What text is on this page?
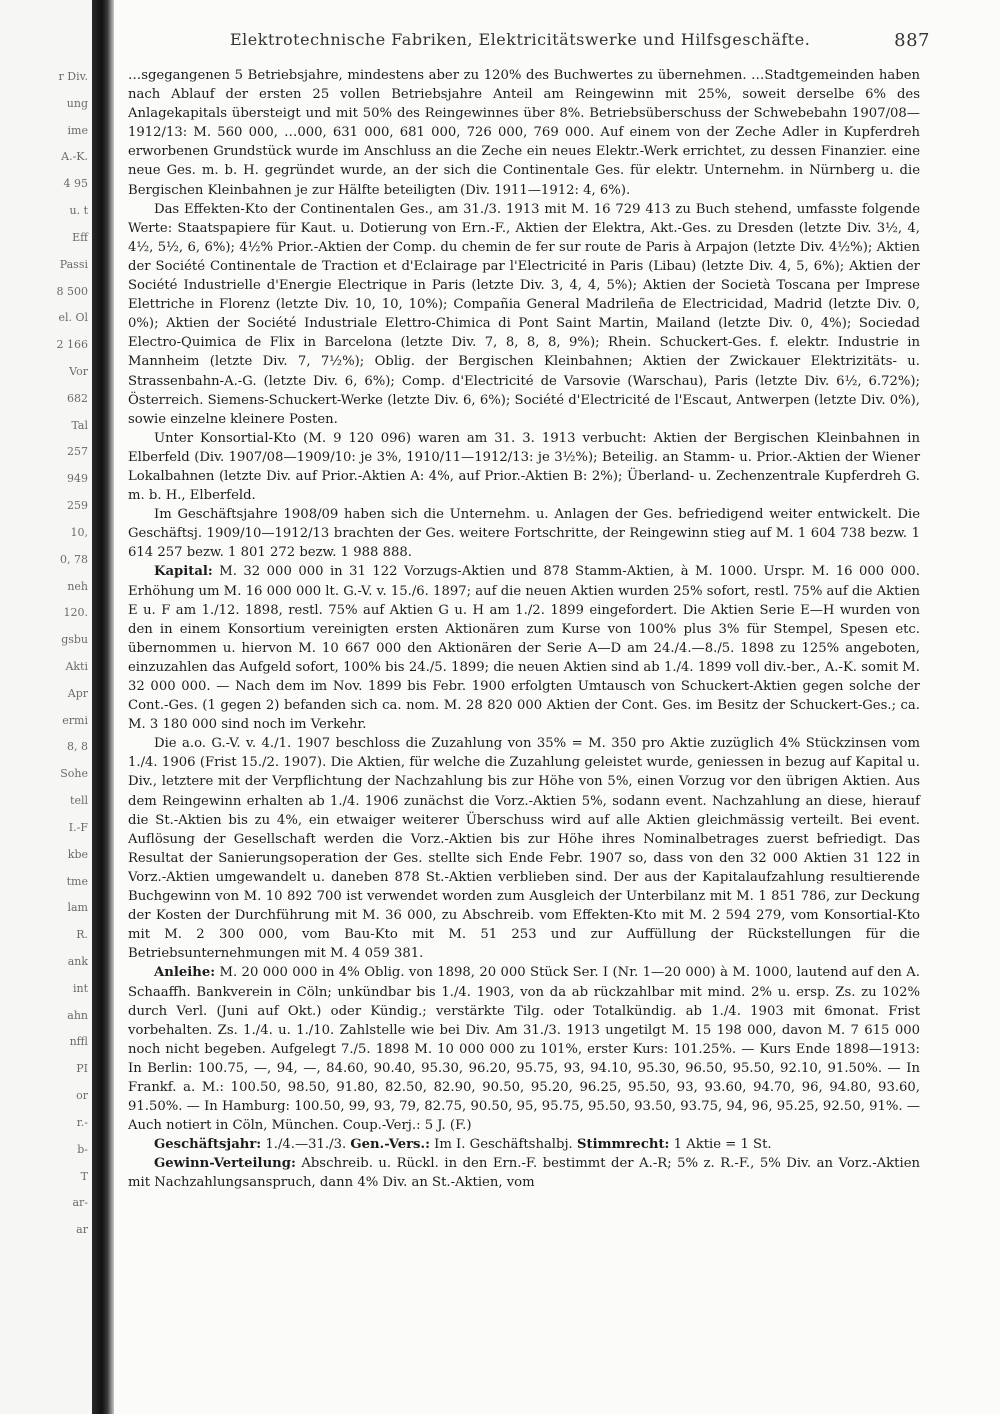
r Div.
ung
ime
A.-K.
4 95
u. t
Eff
Passi
8 500
el. Ol
2 166
Vor
682
Tal
257
949
259
10,
0, 78
neh
120.
gsbu
Akti
Apr
ermi
8, 8
Sohe
tell
I.-F
kbe
tme
lam
R.
ank
int
ahn
nffl
PI
or
r.-
b-
T
ar-
ar
Elektrotechnische Fabriken, Elektricitätswerke und Hilfsgeschäfte.	887

…sgegangenen 5 Betriebsjahre, mindestens aber zu 120% des Buchwertes zu übernehmen. …Stadtgemeinden haben nach Ablauf der ersten 25 vollen Betriebsjahre Anteil am Reingewinn mit 25%, soweit derselbe 6% des Anlagekapitals übersteigt und mit 50% des Reingewinnes über 8%. Betriebsüberschuss der Schwebebahn 1907/08—1912/13: M. 560 000, …000, 631 000, 681 000, 726 000, 769 000. Auf einem von der Zeche Adler in Kupferdreh erworbenen Grundstück wurde im Anschluss an die Zeche ein neues Elektr.-Werk errichtet, zu dessen Finanzier. eine neue Ges. m. b. H. gegründet wurde, an der sich die Continentale Ges. für elektr. Unternehm. in Nürnberg u. die Bergischen Kleinbahnen je zur Hälfte beteiligten (Div. 1911—1912: 4, 6%).

Das Effekten-Kto der Continentalen Ges., am 31./3. 1913 mit M. 16 729 413 zu Buch stehend, umfasste folgende Werte: Staatspapiere für Kaut. u. Dotierung von Ern.-F., Aktien der Elektra, Akt.-Ges. zu Dresden (letzte Div. 3½, 4, 4½, 5½, 6, 6%); 4½% Prior.-Aktien der Comp. du chemin de fer sur route de Paris à Arpajon (letzte Div. 4½%); Aktien der Société Continentale de Traction et d'Eclairage par l'Electricité in Paris (Libau) (letzte Div. 4, 5, 6%); Aktien der Société Industrielle d'Energie Electrique in Paris (letzte Div. 3, 4, 4, 5%); Aktien der Società Toscana per Imprese Elettriche in Florenz (letzte Div. 10, 10, 10%); Compañia General Madrileña de Electricidad, Madrid (letzte Div. 0, 0%); Aktien der Société Industriale Elettro-Chimica di Pont Saint Martin, Mailand (letzte Div. 0, 4%); Sociedad Electro-Quimica de Flix in Barcelona (letzte Div. 7, 8, 8, 8, 9%); Rhein. Schuckert-Ges. f. elektr. Industrie in Mannheim (letzte Div. 7, 7½%); Oblig. der Bergischen Kleinbahnen; Aktien der Zwickauer Elektrizitäts- u. Strassenbahn-A.-G. (letzte Div. 6, 6%); Comp. d'Electricité de Varsovie (Warschau), Paris (letzte Div. 6½, 6.72%); Österreich. Siemens-Schuckert-Werke (letzte Div. 6, 6%); Société d'Electricité de l'Escaut, Antwerpen (letzte Div. 0%), sowie einzelne kleinere Posten.

Unter Konsortial-Kto (M. 9 120 096) waren am 31. 3. 1913 verbucht: Aktien der Bergischen Kleinbahnen in Elberfeld (Div. 1907/08—1909/10: je 3%, 1910/11—1912/13: je 3½%); Beteilig. an Stamm- u. Prior.-Aktien der Wiener Lokalbahnen (letzte Div. auf Prior.-Aktien A: 4%, auf Prior.-Aktien B: 2%); Überland- u. Zechenzentrale Kupferdreh G. m. b. H., Elberfeld.

Im Geschäftsjahre 1908/09 haben sich die Unternehm. u. Anlagen der Ges. befriedigend weiter entwickelt. Die Geschäftsj. 1909/10—1912/13 brachten der Ges. weitere Fortschritte, der Reingewinn stieg auf M. 1 604 738 bezw. 1 614 257 bezw. 1 801 272 bezw. 1 988 888.

Kapital: M. 32 000 000 in 31 122 Vorzugs-Aktien und 878 Stamm-Aktien, à M. 1000. Urspr. M. 16 000 000. Erhöhung um M. 16 000 000 lt. G.-V. v. 15./6. 1897; auf die neuen Aktien wurden 25% sofort, restl. 75% auf die Aktien E u. F am 1./12. 1898, restl. 75% auf Aktien G u. H am 1./2. 1899 eingefordert. Die Aktien Serie E—H wurden von den in einem Konsortium vereinigten ersten Aktionären zum Kurse von 100% plus 3% für Stempel, Spesen etc. übernommen u. hiervon M. 10 667 000 den Aktionären der Serie A—D am 24./4.—8./5. 1898 zu 125% angeboten, einzuzahlen das Aufgeld sofort, 100% bis 24./5. 1899; die neuen Aktien sind ab 1./4. 1899 voll div.-ber., A.-K. somit M. 32 000 000. — Nach dem im Nov. 1899 bis Febr. 1900 erfolgten Umtausch von Schuckert-Aktien gegen solche der Cont.-Ges. (1 gegen 2) befanden sich ca. nom. M. 28 820 000 Aktien der Cont. Ges. im Besitz der Schuckert-Ges.; ca. M. 3 180 000 sind noch im Verkehr.

Die a.o. G.-V. v. 4./1. 1907 beschloss die Zuzahlung von 35% = M. 350 pro Aktie zuzüglich 4% Stückzinsen vom 1./4. 1906 (Frist 15./2. 1907). Die Aktien, für welche die Zuzahlung geleistet wurde, geniessen in bezug auf Kapital u. Div., letztere mit der Verpflichtung der Nachzahlung bis zur Höhe von 5%, einen Vorzug vor den übrigen Aktien. Aus dem Reingewinn erhalten ab 1./4. 1906 zunächst die Vorz.-Aktien 5%, sodann event. Nachzahlung an diese, hierauf die St.-Aktien bis zu 4%, ein etwaiger weiterer Überschuss wird auf alle Aktien gleichmässig verteilt. Bei event. Auflösung der Gesellschaft werden die Vorz.-Aktien bis zur Höhe ihres Nominalbetrages zuerst befriedigt. Das Resultat der Sanierungsoperation der Ges. stellte sich Ende Febr. 1907 so, dass von den 32 000 Aktien 31 122 in Vorz.-Aktien umgewandelt u. daneben 878 St.-Aktien verblieben sind. Der aus der Kapitalaufzahlung resultierende Buchgewinn von M. 10 892 700 ist verwendet worden zum Ausgleich der Unterbilanz mit M. 1 851 786, zur Deckung der Kosten der Durchführung mit M. 36 000, zu Abschreib. vom Effekten-Kto mit M. 2 594 279, vom Konsortial-Kto mit M. 2 300 000, vom Bau-Kto mit M. 51 253 und zur Auffüllung der Rückstellungen für die Betriebsunternehmungen mit M. 4 059 381.

Anleihe: M. 20 000 000 in 4% Oblig. von 1898, 20 000 Stück Ser. I (Nr. 1—20 000) à M. 1000, lautend auf den A. Schaaffh. Bankverein in Cöln; unkündbar bis 1./4. 1903, von da ab rückzahlbar mit mind. 2% u. ersp. Zs. zu 102% durch Verl. (Juni auf Okt.) oder Kündig.; verstärkte Tilg. oder Totalkündig. ab 1./4. 1903 mit 6monat. Frist vorbehalten. Zs. 1./4. u. 1./10. Zahlstelle wie bei Div. Am 31./3. 1913 ungetilgt M. 15 198 000, davon M. 7 615 000 noch nicht begeben. Aufgelegt 7./5. 1898 M. 10 000 000 zu 101%, erster Kurs: 101.25%. — Kurs Ende 1898—1913: In Berlin: 100.75, —, 94, —, 84.60, 90.40, 95.30, 96.20, 95.75, 93, 94.10, 95.30, 96.50, 95.50, 92.10, 91.50%. — In Frankf. a. M.: 100.50, 98.50, 91.80, 82.50, 82.90, 90.50, 95.20, 96.25, 95.50, 93, 93.60, 94.70, 96, 94.80, 93.60, 91.50%. — In Hamburg: 100.50, 99, 93, 79, 82.75, 90.50, 95, 95.75, 95.50, 93.50, 93.75, 94, 96, 95.25, 92.50, 91%. — Auch notiert in Cöln, München. Coup.-Verj.: 5 J. (F.)

Geschäftsjahr: 1./4.—31./3. Gen.-Vers.: Im I. Geschäftshalbj. Stimmrecht: 1 Aktie = 1 St.

Gewinn-Verteilung: Abschreib. u. Rückl. in den Ern.-F. bestimmt der A.-R; 5% z. R.-F., 5% Div. an Vorz.-Aktien mit Nachzahlungsanspruch, dann 4% Div. an St.-Aktien, vom
